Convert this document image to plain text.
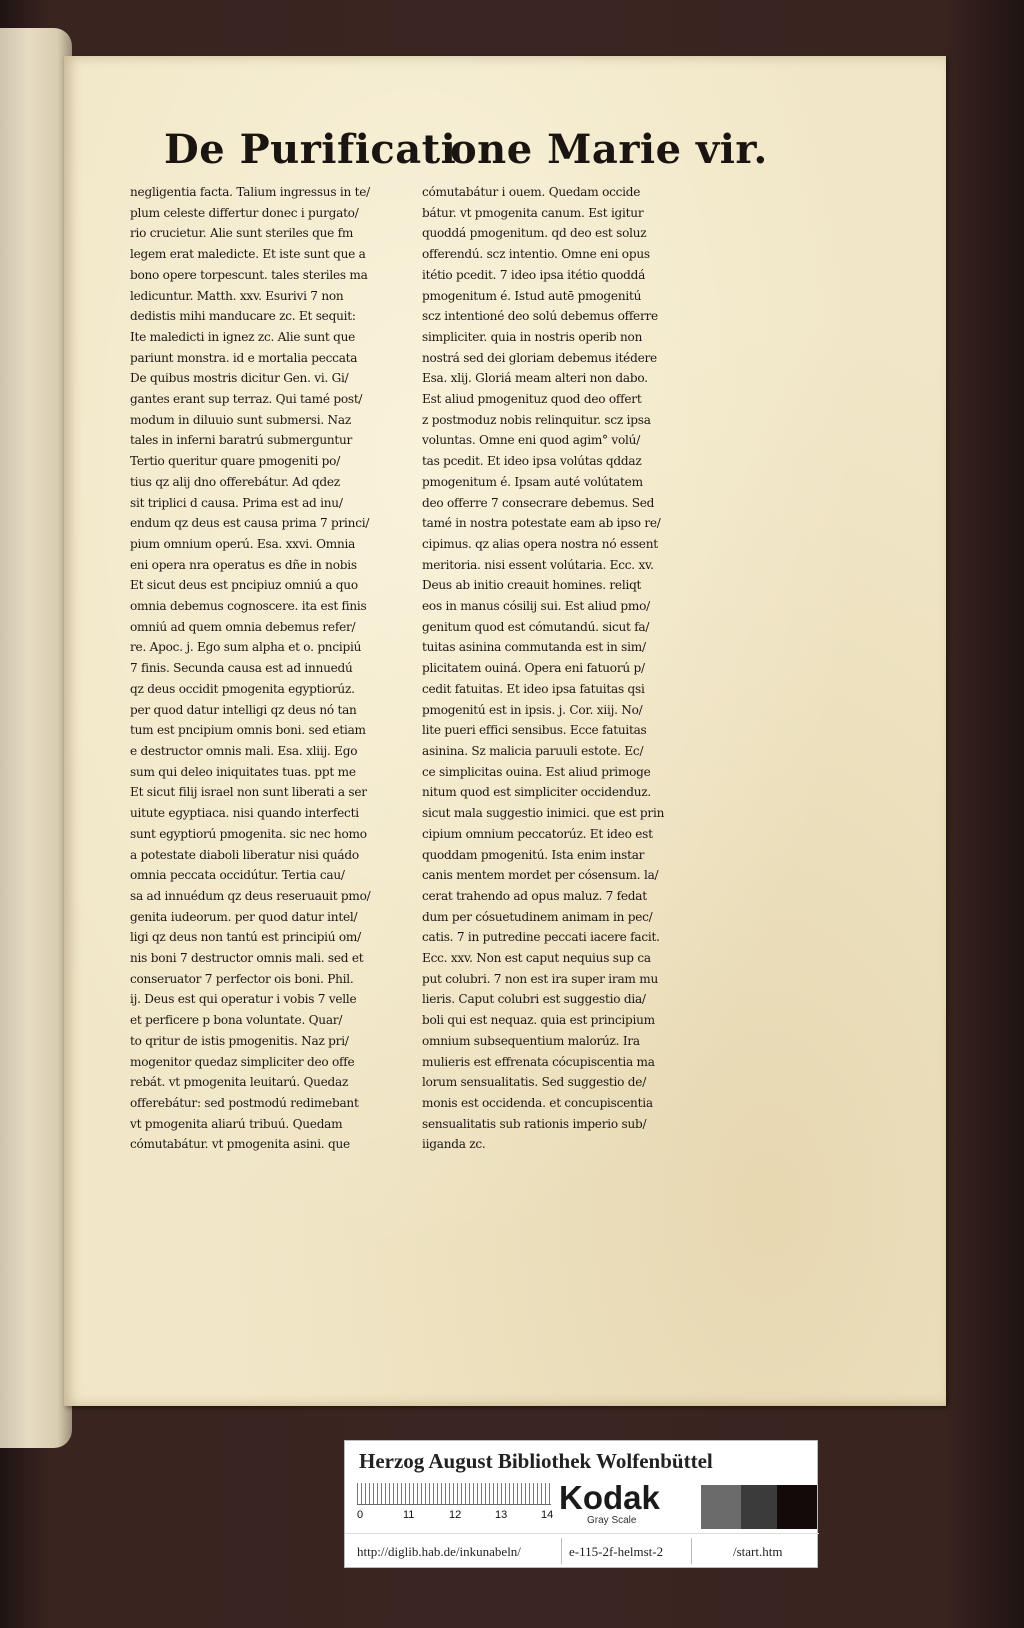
De Purificati
one Marie vir.
negligentia facta. Talium ingressus in te/
plum celeste differtur donec i purgato/
rio crucietur. Alie sunt steriles que fm
legem erat maledicte. Et iste sunt que a
bono opere torpescunt. tales steriles ma
ledicuntur. Matth. xxv. Esurivi 7 non
dedistis mihi manducare zc. Et sequit:
Ite maledicti in ignez zc. Alie sunt que
pariunt monstra. id e mortalia peccata
De quibus mostris dicitur Gen. vi. Gi/
gantes erant sup terraz. Qui tamé post/
modum in diluuio sunt submersi. Naz
tales in inferni baratrú submerguntur
Tertio queritur quare pmogeniti po/
tius qz alij dno offerebátur. Ad qdez
sit triplici d causa. Prima est ad inu/
endum qz deus est causa prima 7 princi/
pium omnium operú. Esa. xxvi. Omnia
eni opera nra operatus es dñe in nobis
Et sicut deus est pncipiuz omniú a quo
omnia debemus cognoscere. ita est finis
omniú ad quem omnia debemus refer/
re. Apoc. j. Ego sum alpha et o. pncipiú
7 finis. Secunda causa est ad innuedú
qz deus occidit pmogenita egyptiorúz.
per quod datur intelligi qz deus nó tan
tum est pncipium omnis boni. sed etiam
e destructor omnis mali. Esa. xliij. Ego
sum qui deleo iniquitates tuas. ppt me
Et sicut filij israel non sunt liberati a ser
uitute egyptiaca. nisi quando interfecti
sunt egyptiorú pmogenita. sic nec homo
a potestate diaboli liberatur nisi quádo
omnia peccata occidútur. Tertia cau/
sa ad innuédum qz deus reseruauit pmo/
genita iudeorum. per quod datur intel/
ligi qz deus non tantú est principiú om/
nis boni 7 destructor omnis mali. sed et
conseruator 7 perfector ois boni. Phil.
ij. Deus est qui operatur i vobis 7 velle
et perficere p bona voluntate. Quar/
to qritur de istis pmogenitis. Naz pri/
mogenitor quedaz simpliciter deo offe
rebát. vt pmogenita leuitarú. Quedaz
offerebátur: sed postmodú redimebant
vt pmogenita aliarú tribuú. Quedam
cómutabátur. vt pmogenita asini. que
cómutabátur i ouem. Quedam occide
bátur. vt pmogenita canum. Est igitur
quoddá pmogenitum. qd deo est soluz
offerendú. scz intentio. Omne eni opus
itétio pcedit. 7 ideo ipsa itétio quoddá
pmogenitum é. Istud autē pmogenitú
scz intentioné deo solú debemus offerre
simpliciter. quia in nostris operib non
nostrá sed dei gloriam debemus itédere
Esa. xlij. Gloriá meam alteri non dabo.
Est aliud pmogenituz quod deo offert
z postmoduz nobis relinquitur. scz ipsa
voluntas. Omne eni quod agim° volú/
tas pcedit. Et ideo ipsa volútas qddaz
pmogenitum é. Ipsam auté volútatem
deo offerre 7 consecrare debemus. Sed
tamé in nostra potestate eam ab ipso re/
cipimus. qz alias opera nostra nó essent
meritoria. nisi essent volútaria. Ecc. xv.
Deus ab initio creauit homines. reliqt
eos in manus cósilij sui. Est aliud pmo/
genitum quod est cómutandú. sicut fa/
tuitas asinina commutanda est in sim/
plicitatem ouiná. Opera eni fatuorú p/
cedit fatuitas. Et ideo ipsa fatuitas qsi
pmogenitú est in ipsis. j. Cor. xiij. No/
lite pueri effici sensibus. Ecce fatuitas
asinina. Sz malicia paruuli estote. Ec/
ce simplicitas ouina. Est aliud primoge
nitum quod est simpliciter occidenduz.
sicut mala suggestio inimici. que est prin
cipium omnium peccatorúz. Et ideo est
quoddam pmogenitú. Ista enim instar
canis mentem mordet per cósensum. la/
cerat trahendo ad opus maluz. 7 fedat
dum per cósuetudinem animam in pec/
catis. 7 in putredine peccati iacere facit.
Ecc. xxv. Non est caput nequius sup ca
put colubri. 7 non est ira super iram mu
lieris. Caput colubri est suggestio dia/
boli qui est nequaz. quia est principium
omnium subsequentium malorúz. Ira
mulieris est effrenata cócupiscentia ma
lorum sensualitatis. Sed suggestio de/
monis est occidenda. et concupiscentia
sensualitatis sub rationis imperio sub/
iiganda zc.
Herzog August Bibliothek Wolfenbüttel
0	11	12	13	14 Kodak
Gray Scale
http://diglib.hab.de/inkunabeln/	e-115-2f-helmst-2	/start.htm
